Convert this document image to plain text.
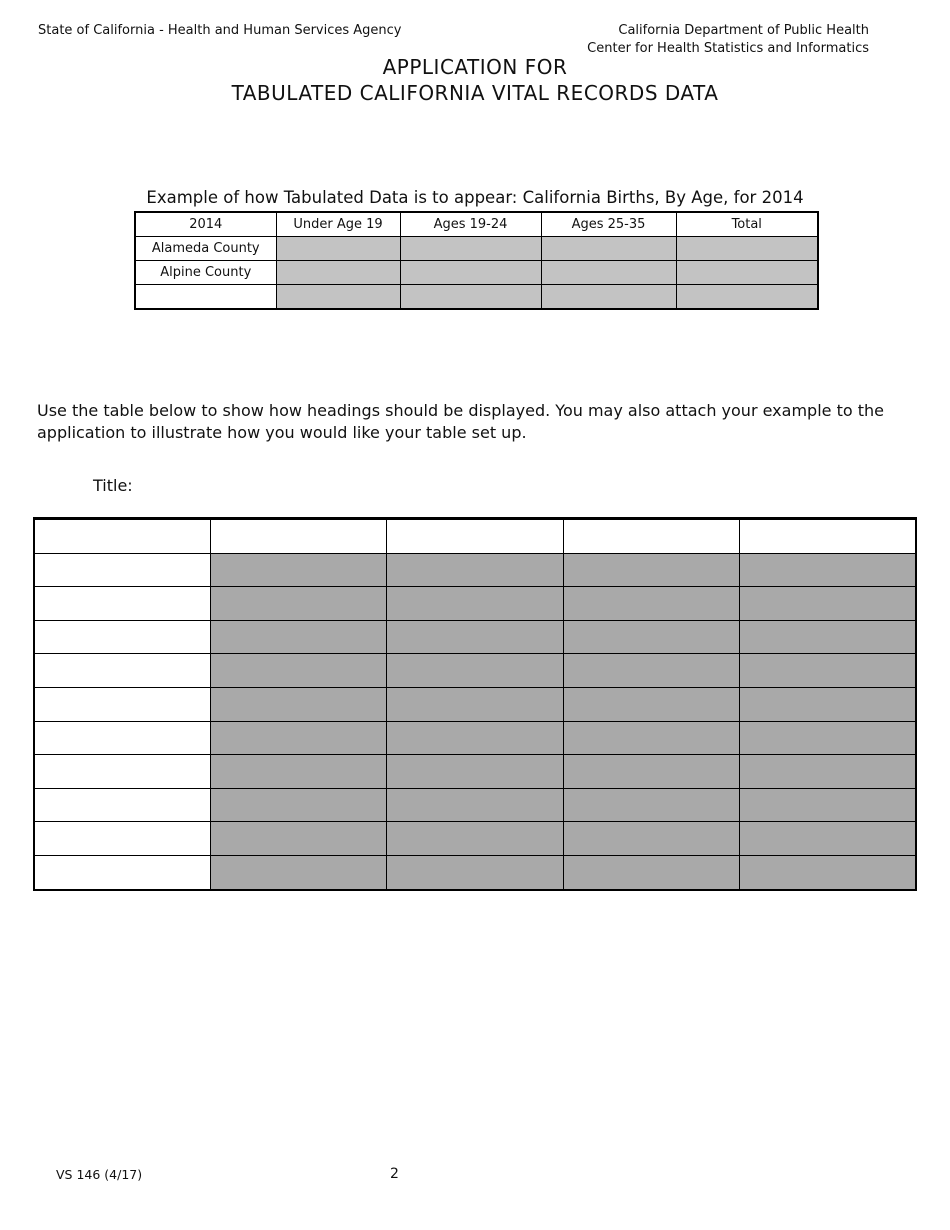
State of California - Health and Human Services Agency	California Department of Public Health
Center for Health Statistics and Informatics
APPLICATION FOR
TABULATED CALIFORNIA VITAL RECORDS DATA
Example of how Tabulated Data is to appear: California Births, By Age, for 2014
2014	Under Age 19	Ages 19-24	Ages 25-35	Total
Alameda County				
Alpine County				

Use the table below to show how headings should be displayed. You may also attach your example to the application to illustrate how you would like your table set up.
Title:

VS 146 (4/17)	2
